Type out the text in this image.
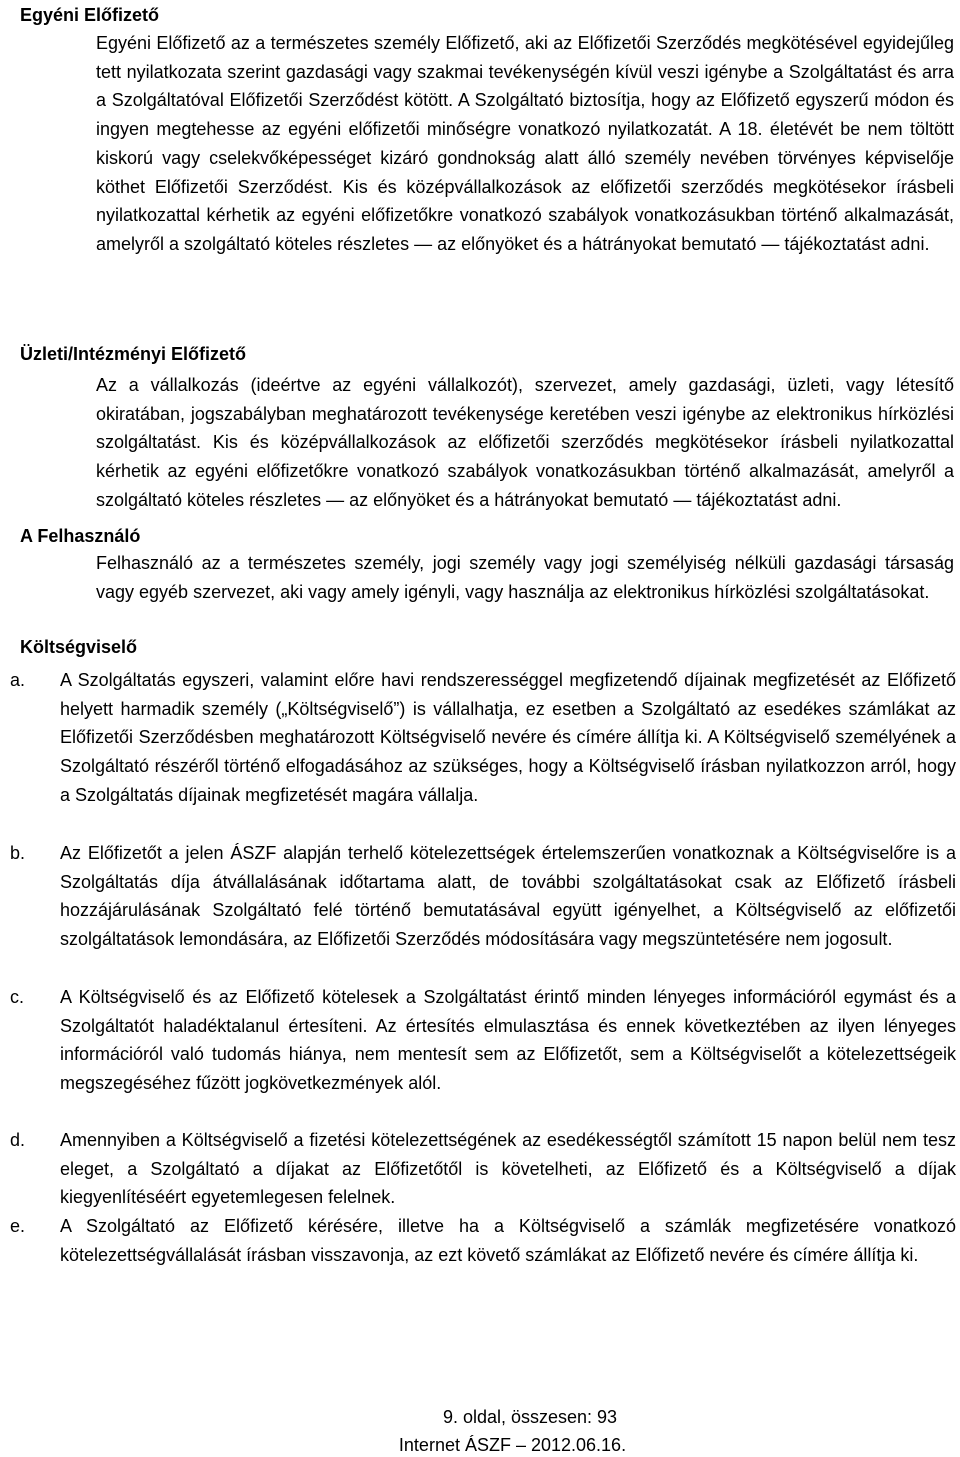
Egyéni Előfizető

Egyéni Előfizető az a természetes személy Előfizető, aki az Előfizetői Szerződés megkötésével egyidejűleg tett nyilatkozata szerint gazdasági vagy szakmai tevékenységén kívül veszi igénybe a Szolgáltatást és arra a Szolgáltatóval Előfizetői Szerződést kötött. A Szolgáltató biztosítja, hogy az Előfizető egyszerű módon és ingyen megtehesse az egyéni előfizetői minőségre vonatkozó nyilatkozatát. A 18. életévét be nem töltött kiskorú vagy cselekvőképességet kizáró gondnokság alatt álló személy nevében törvényes képviselője köthet Előfizetői Szerződést. Kis és középvállalkozások az előfizetői szerződés megkötésekor írásbeli nyilatkozattal kérhetik az egyéni előfizetőkre vonatkozó szabályok vonatkozásukban történő alkalmazását, amelyről a szolgáltató köteles részletes — az előnyöket és a hátrányokat bemutató — tájékoztatást adni.

Üzleti/Intézményi Előfizető

Az a vállalkozás (ideértve az egyéni vállalkozót), szervezet, amely gazdasági, üzleti, vagy létesítő okiratában, jogszabályban meghatározott tevékenysége keretében veszi igénybe az elektronikus hírközlési szolgáltatást. Kis és középvállalkozások az előfizetői szerződés megkötésekor írásbeli nyilatkozattal kérhetik az egyéni előfizetőkre vonatkozó szabályok vonatkozásukban történő alkalmazását, amelyről a szolgáltató köteles részletes — az előnyöket és a hátrányokat bemutató — tájékoztatást adni.

A Felhasználó

Felhasználó az a természetes személy, jogi személy vagy jogi személyiség nélküli gazdasági társaság vagy egyéb szervezet, aki vagy amely igényli, vagy használja az elektronikus hírközlési szolgáltatásokat.

Költségviselő
a. A Szolgáltatás egyszeri, valamint előre havi rendszerességgel megfizetendő díjainak megfizetését az Előfizető helyett harmadik személy („Költségviselő”) is vállalhatja, ez esetben a Szolgáltató az esedékes számlákat az Előfizetői Szerződésben meghatározott Költségviselő nevére és címére állítja ki. A Költségviselő személyének a Szolgáltató részéről történő elfogadásához az szükséges, hogy a Költségviselő írásban nyilatkozzon arról, hogy a Szolgáltatás díjainak megfizetését magára vállalja.

b. Az Előfizetőt a jelen ÁSZF alapján terhelő kötelezettségek értelemszerűen vonatkoznak a Költségviselőre is a Szolgáltatás díja átvállalásának időtartama alatt, de további szolgáltatásokat csak az Előfizető írásbeli hozzájárulásának Szolgáltató felé történő bemutatásával együtt igényelhet, a Költségviselő az előfizetői szolgáltatások lemondására, az Előfizetői Szerződés módosítására vagy megszüntetésére nem jogosult.

c. A Költségviselő és az Előfizető kötelesek a Szolgáltatást érintő minden lényeges információról egymást és a Szolgáltatót haladéktalanul értesíteni. Az értesítés elmulasztása és ennek következtében az ilyen lényeges információról való tudomás hiánya, nem mentesít sem az Előfizetőt, sem a Költségviselőt a kötelezettségeik megszegéséhez fűzött jogkövetkezmények alól.

d. Amennyiben a Költségviselő a fizetési kötelezettségének az esedékességtől számított 15 napon belül nem tesz eleget, a Szolgáltató a díjakat az Előfizetőtől is követelheti, az Előfizető és a Költségviselő a díjak kiegyenlítéséért egyetemlegesen felelnek.

e. A Szolgáltató az Előfizető kérésére, illetve ha a Költségviselő a számlák megfizetésére vonatkozó kötelezettségvállalását írásban visszavonja, az ezt követő számlákat az Előfizető nevére és címére állítja ki.

9. oldal, összesen: 93

Internet ÁSZF – 2012.06.16.
